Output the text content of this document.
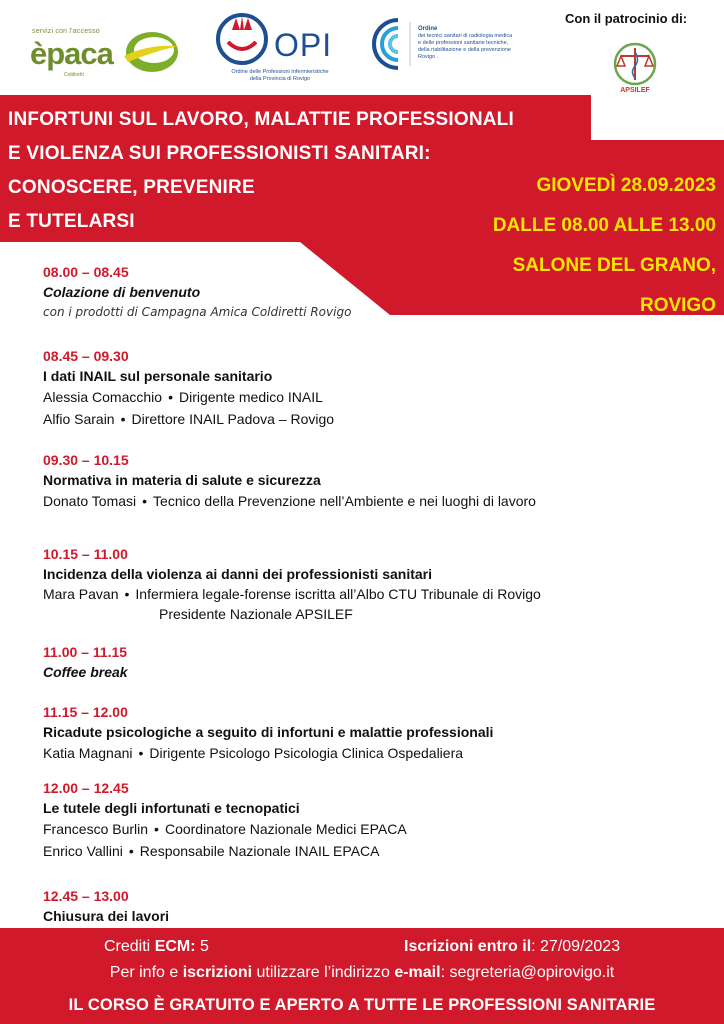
servizi con l'accesso
èpaca
Coldiretti
OPI
Ordine delle Professioni Infermieristiche
della Provincia di Rovigo
Ordine
dei tecnici sanitari di radiologia medica
e delle professioni sanitarie tecniche,
della riabilitazione e della prevenzione
Rovigo .
Con il patrocinio di:
APSILEF
INFORTUNI SUL LAVORO, MALATTIE PROFESSIONALI
E VIOLENZA SUI PROFESSIONISTI SANITARI:
CONOSCERE, PREVENIRE
E TUTELARSI
GIOVEDÌ 28.09.2023
DALLE 08.00 ALLE 13.00
SALONE DEL GRANO,
ROVIGO
08.00 – 08.45
Colazione di benvenuto
con i prodotti di Campagna Amica Coldiretti Rovigo
08.45 – 09.30
I dati INAIL sul personale sanitario
Alessia Comacchio • Dirigente medico INAIL
Alfio Sarain • Direttore INAIL Padova – Rovigo
09.30 – 10.15
Normativa in materia di salute e sicurezza
Donato Tomasi • Tecnico della Prevenzione nell’Ambiente e nei luoghi di lavoro
10.15 – 11.00
Incidenza della violenza ai danni dei professionisti sanitari
Mara Pavan • Infermiera legale-forense iscritta all’Albo CTU Tribunale di Rovigo
Presidente Nazionale APSILEF
11.00 – 11.15
Coffee break
11.15 – 12.00
Ricadute psicologiche a seguito di infortuni e malattie professionali
Katia Magnani • Dirigente Psicologo Psicologia Clinica Ospedaliera
12.00 – 12.45
Le tutele degli infortunati e tecnopatici
Francesco Burlin • Coordinatore Nazionale Medici EPACA
Enrico Vallini • Responsabile Nazionale INAIL EPACA
12.45 – 13.00
Chiusura dei lavori
Crediti ECM: 5	Iscrizioni entro il: 27/09/2023
Per info e iscrizioni utilizzare l’indirizzo e-mail: segreteria@opirovigo.it
IL CORSO È GRATUITO E APERTO A TUTTE LE PROFESSIONI SANITARIE
